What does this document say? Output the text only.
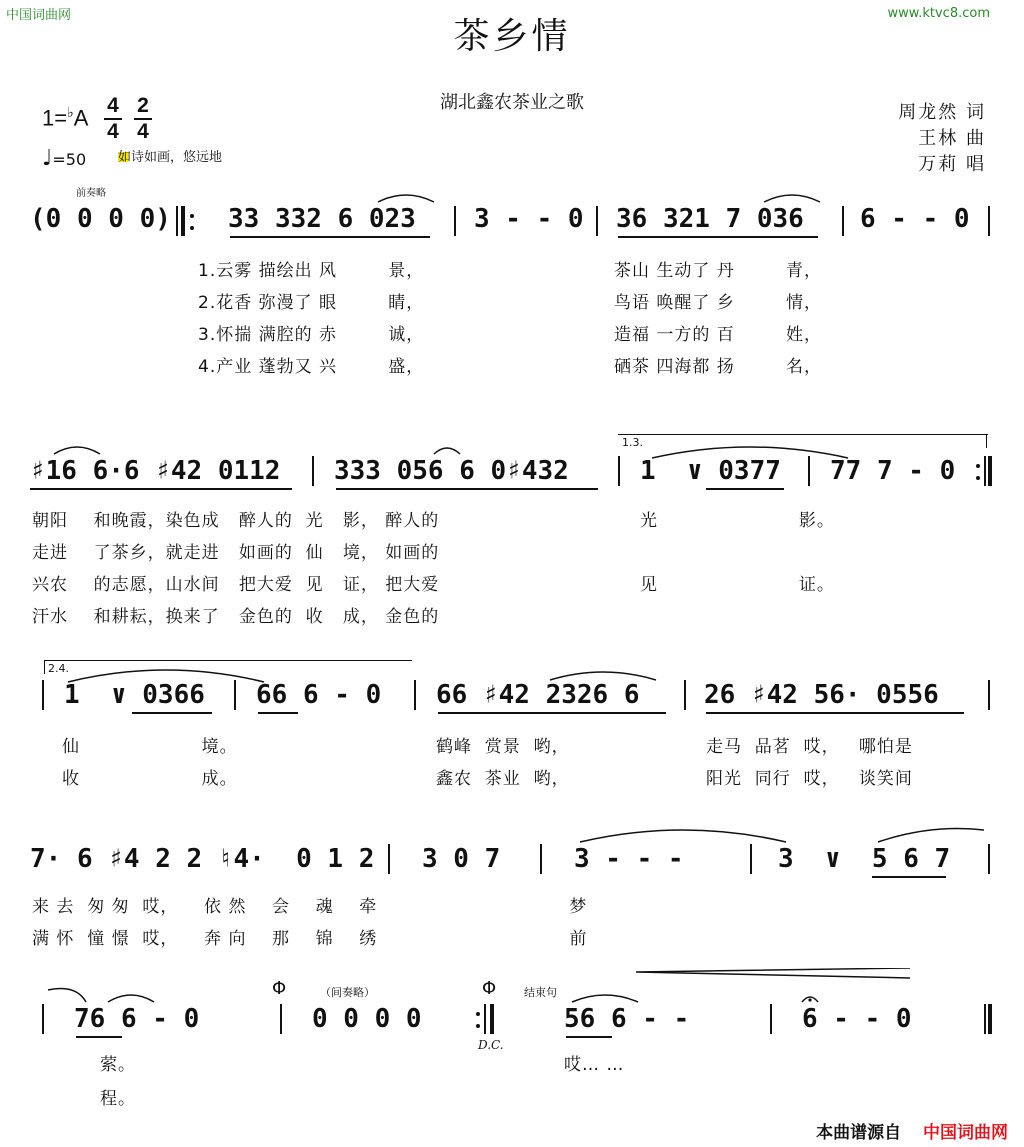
中国词曲网	www.ktvc8.com
茶乡情
湖北鑫农茶业之歌	周龙然 词
王林 曲
万莉 唱
1=♭A 4
4
2
4
♩=50 如诗如画，悠远地
前奏略
(0 0 0 0) 33 332 6 023 3 - - 0 36 321 7 036 6 - - 0
1.云雾 描绘出 风        景，
2.花香 弥漫了 眼        睛，
3.怀揣 满腔的 赤        诚，
4.产业 蓬勃又 兴        盛，
茶山 生动了 丹        青，
鸟语 唤醒了 乡        情，
造福 一方的 百        姓，
硒茶 四海都 扬        名，
♯16 6·6 ♯42 0112 333 056 6 0♯432
1.3.
1  ∨ 0377 77 7 - 0
朝阳    和晚霞，染色成   醉人的  光   影， 醉人的
走进    了茶乡，就走进   如画的  仙   境， 如画的
兴农    的志愿，山水间   把大爱  见   证， 把大爱
汗水    和耕耘，换来了   金色的  收   成， 金色的
光                      影。
见                      证。
2.4.
1  ∨ 0366 66 6 - 0 66 ♯42 2326 6 26 ♯42 56· 0556
仙                   境。
收                   成。
鹤峰  赏景  哟，
鑫农  茶业  哟，
走马  品茗  哎，   哪怕是
阳光  同行  哎，   谈笑间
7· 6 ♯4 2 2 ♮4·  0 1 2 3 0 7	3 - - -	3  ∨  5 6 7
来 去  匆 匆  哎，    依 然    会    魂    牵                              梦
满 怀  憧 憬  哎，    奔 向    那    锦    绣                              前
76 6 - 0
Φ	（间奏略）
0 0 0 0
Φ
D.C.
结束句
56 6 - -	6 - - 0
萦。
程。
哎… …
本曲谱源自 中国词曲网
